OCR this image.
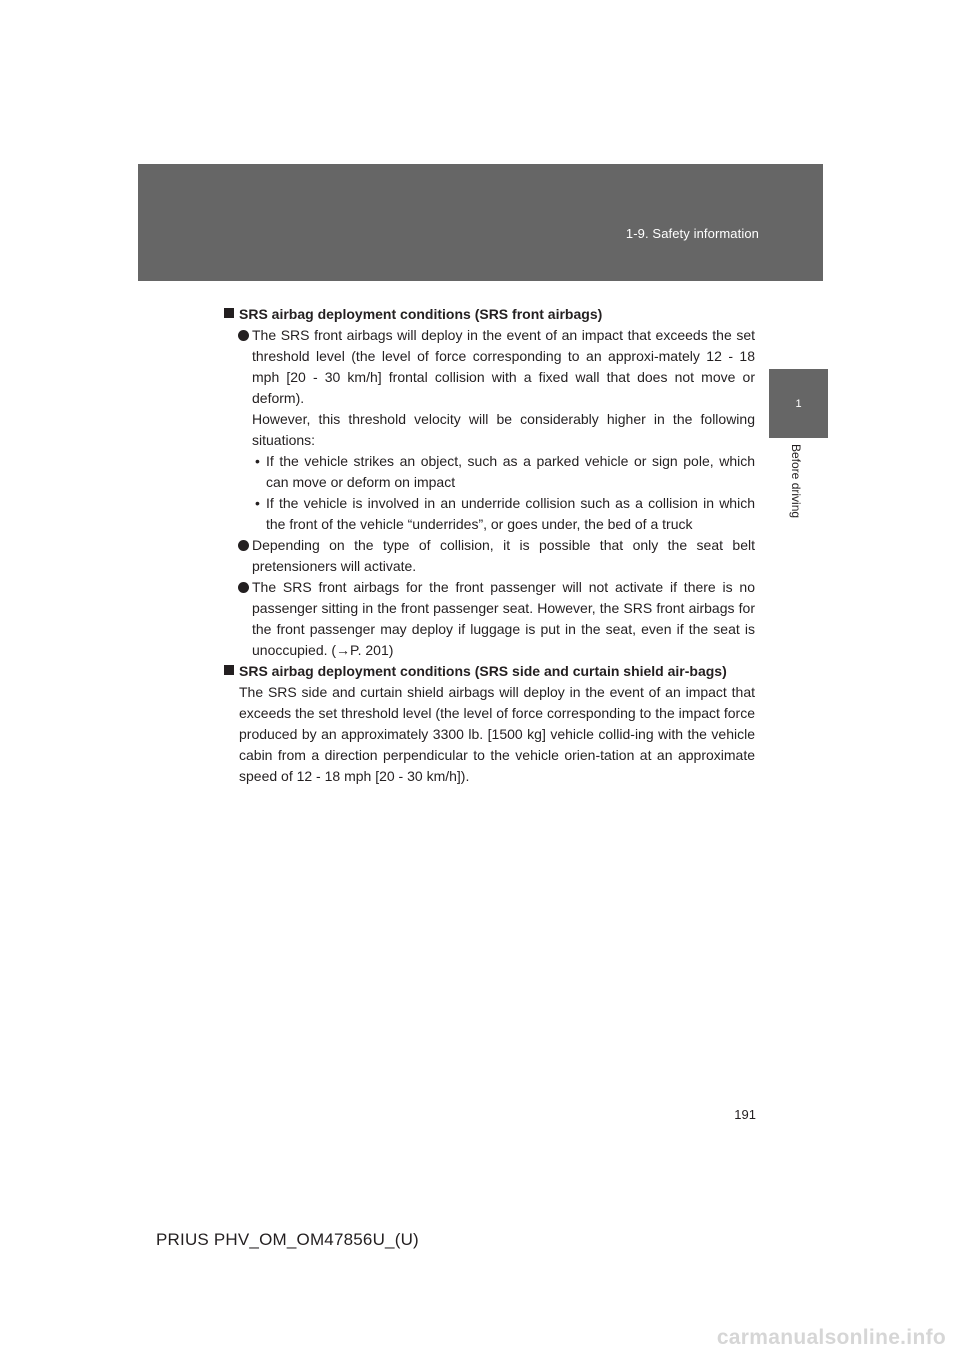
1-9. Safety information
1
Before driving

SRS airbag deployment conditions (SRS front airbags)

The SRS front airbags will deploy in the event of an impact that exceeds the set threshold level (the level of force corresponding to an approxi-mately 12 - 18 mph [20 - 30 km/h] frontal collision with a fixed wall that does not move or deform).

However, this threshold velocity will be considerably higher in the following situations:

• If the vehicle strikes an object, such as a parked vehicle or sign pole, which can move or deform on impact

• If the vehicle is involved in an underride collision such as a collision in which the front of the vehicle “underrides”, or goes under, the bed of a truck

Depending on the type of collision, it is possible that only the seat belt pretensioners will activate.

The SRS front airbags for the front passenger will not activate if there is no passenger sitting in the front passenger seat. However, the SRS front airbags for the front passenger may deploy if luggage is put in the seat, even if the seat is unoccupied. (→P. 201)

SRS airbag deployment conditions (SRS side and curtain shield air-bags)

The SRS side and curtain shield airbags will deploy in the event of an impact that exceeds the set threshold level (the level of force corresponding to the impact force produced by an approximately 3300 lb. [1500 kg] vehicle collid-ing with the vehicle cabin from a direction perpendicular to the vehicle orien-tation at an approximate speed of 12 - 18 mph [20 - 30 km/h]).

191
PRIUS PHV_OM_OM47856U_(U)
carmanualsonline.info
